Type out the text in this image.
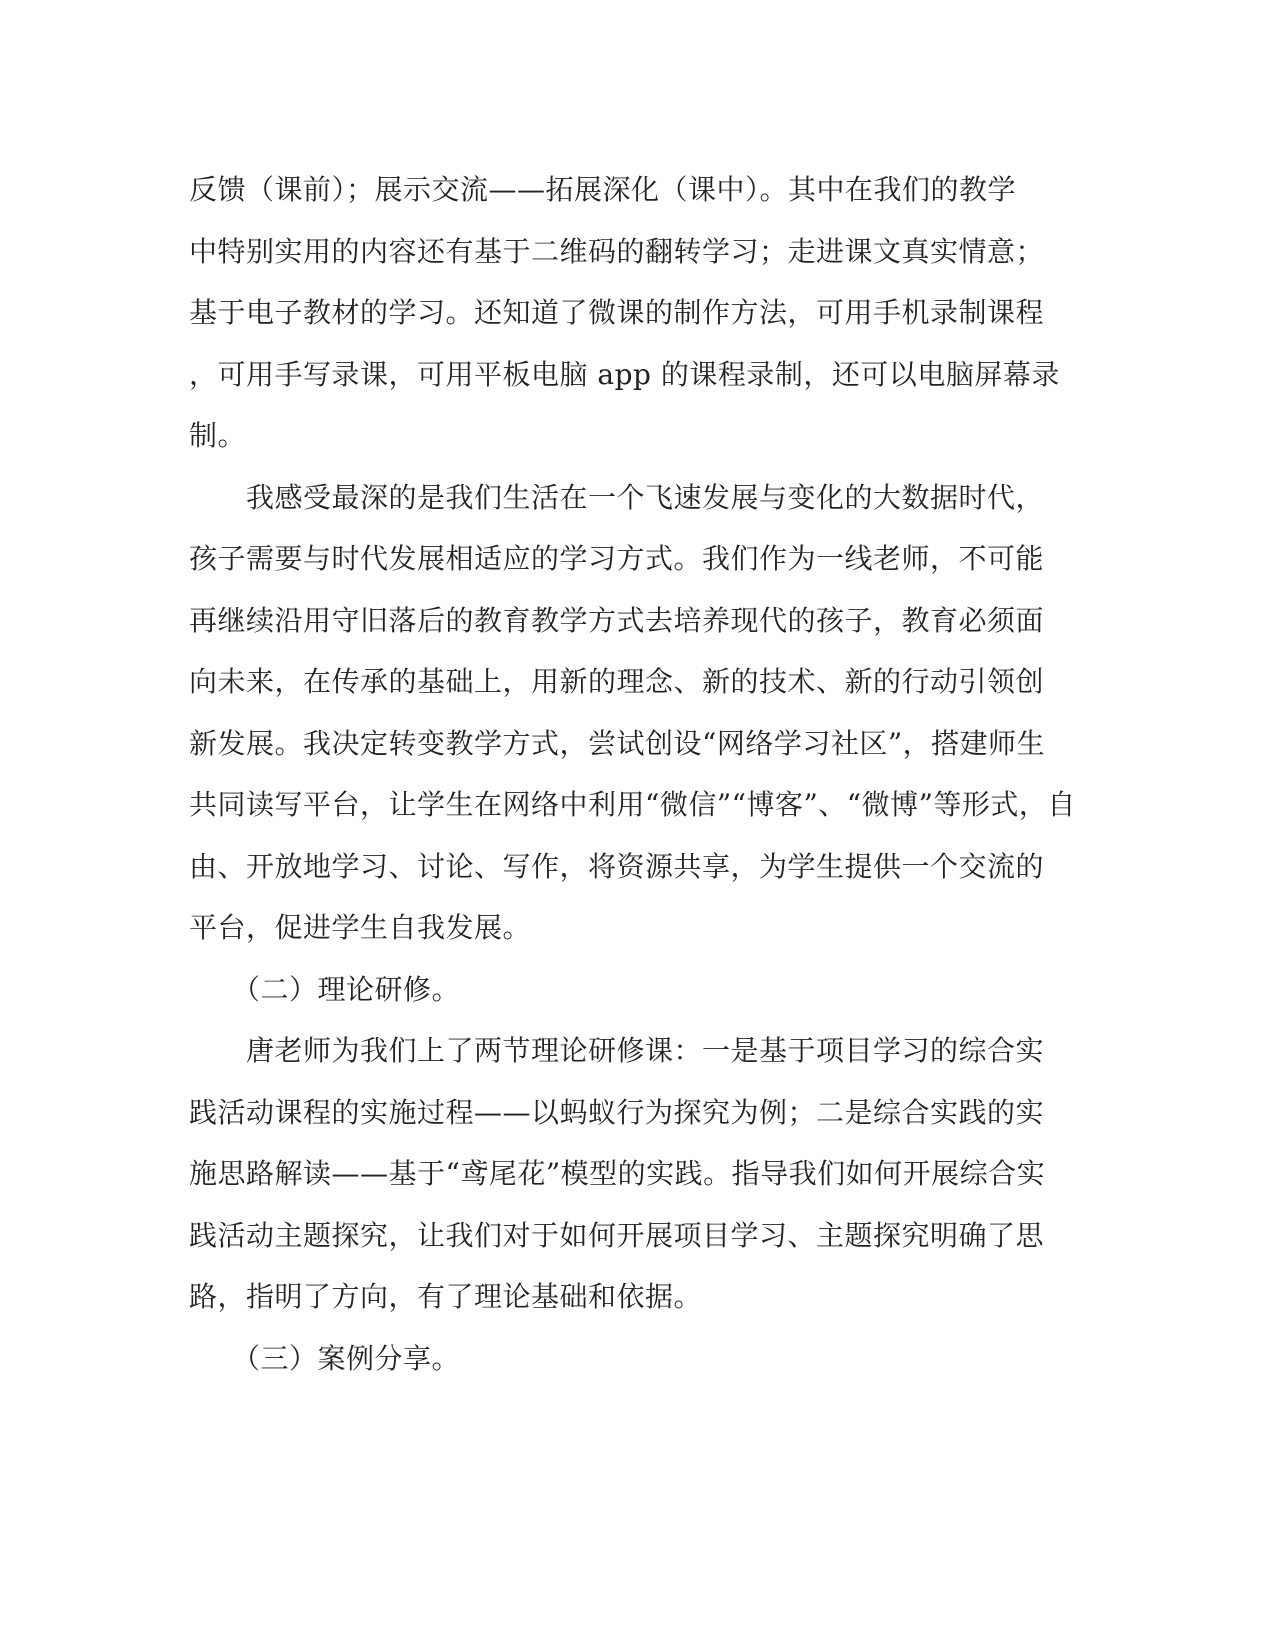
反馈（课前）；展示交流——拓展深化（课中）。其中在我们的教学
中特别实用的内容还有基于二维码的翻转学习；走进课文真实情意；
基于电子教材的学习。还知道了微课的制作方法，可用手机录制课程
，可用手写录课，可用平板电脑 app 的课程录制，还可以电脑屏幕录
制。
　　我感受最深的是我们生活在一个飞速发展与变化的大数据时代，
孩子需要与时代发展相适应的学习方式。我们作为一线老师，不可能
再继续沿用守旧落后的教育教学方式去培养现代的孩子，教育必须面
向未来，在传承的基础上，用新的理念、新的技术、新的行动引领创
新发展。我决定转变教学方式，尝试创设“网络学习社区”，搭建师生
共同读写平台，让学生在网络中利用“微信”“博客”、“微博”等形式，自
由、开放地学习、讨论、写作，将资源共享，为学生提供一个交流的
平台，促进学生自我发展。
　　（二）理论研修。
　　唐老师为我们上了两节理论研修课：一是基于项目学习的综合实
践活动课程的实施过程——以蚂蚁行为探究为例；二是综合实践的实
施思路解读——基于“鸢尾花”模型的实践。指导我们如何开展综合实
践活动主题探究，让我们对于如何开展项目学习、主题探究明确了思
路，指明了方向，有了理论基础和依据。
　　（三）案例分享。
